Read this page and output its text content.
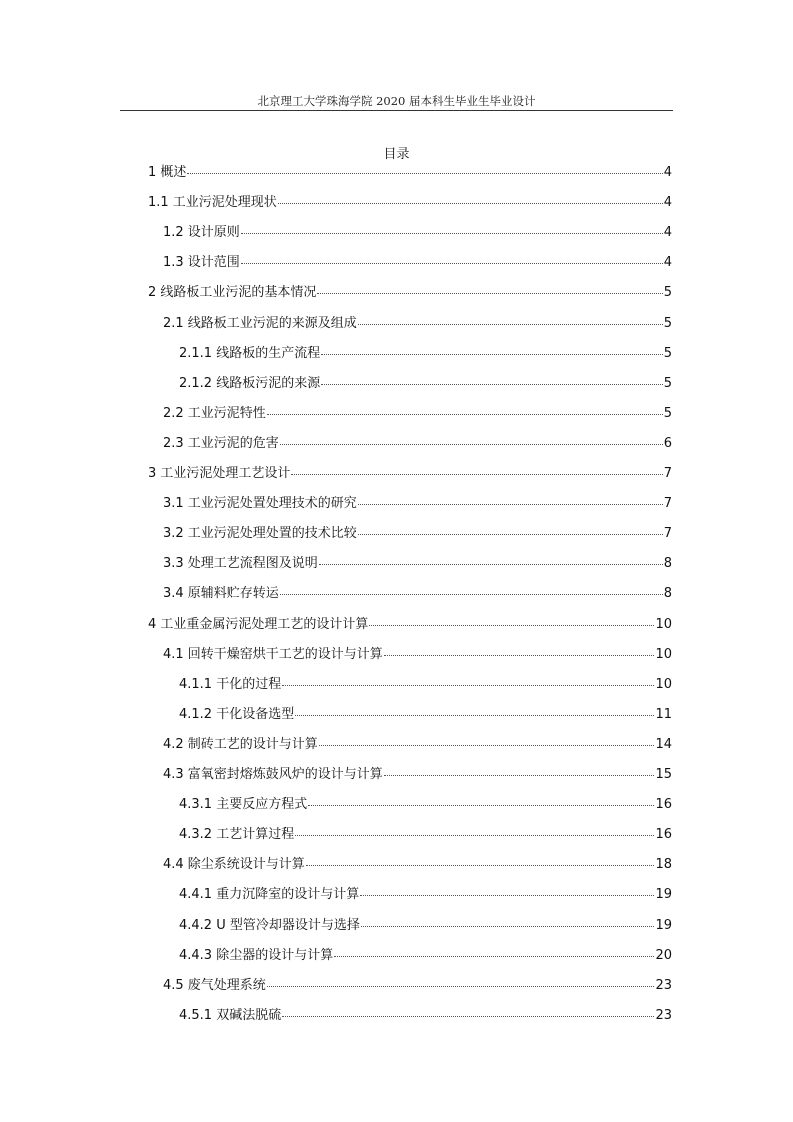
北京理工大学珠海学院 2020 届本科生毕业生毕业设计
目录
1 概述	4
1.1 工业污泥处理现状	4
1.2 设计原则	4
1.3 设计范围	4
2 线路板工业污泥的基本情况	5
2.1 线路板工业污泥的来源及组成	5
2.1.1 线路板的生产流程	5
2.1.2 线路板污泥的来源	5
2.2 工业污泥特性	5
2.3 工业污泥的危害	6
3 工业污泥处理工艺设计	7
3.1 工业污泥处置处理技术的研究	7
3.2 工业污泥处理处置的技术比较	7
3.3 处理工艺流程图及说明	8
3.4 原辅料贮存转运	8
4 工业重金属污泥处理工艺的设计计算	10
4.1 回转干燥窑烘干工艺的设计与计算	10
4.1.1 干化的过程	10
4.1.2 干化设备选型	11
4.2 制砖工艺的设计与计算	14
4.3 富氧密封熔炼鼓风炉的设计与计算	15
4.3.1 主要反应方程式	16
4.3.2 工艺计算过程	16
4.4 除尘系统设计与计算	18
4.4.1 重力沉降室的设计与计算	19
4.4.2 U 型管冷却器设计与选择	19
4.4.3 除尘器的设计与计算	20
4.5 废气处理系统	23
4.5.1 双碱法脱硫	23
